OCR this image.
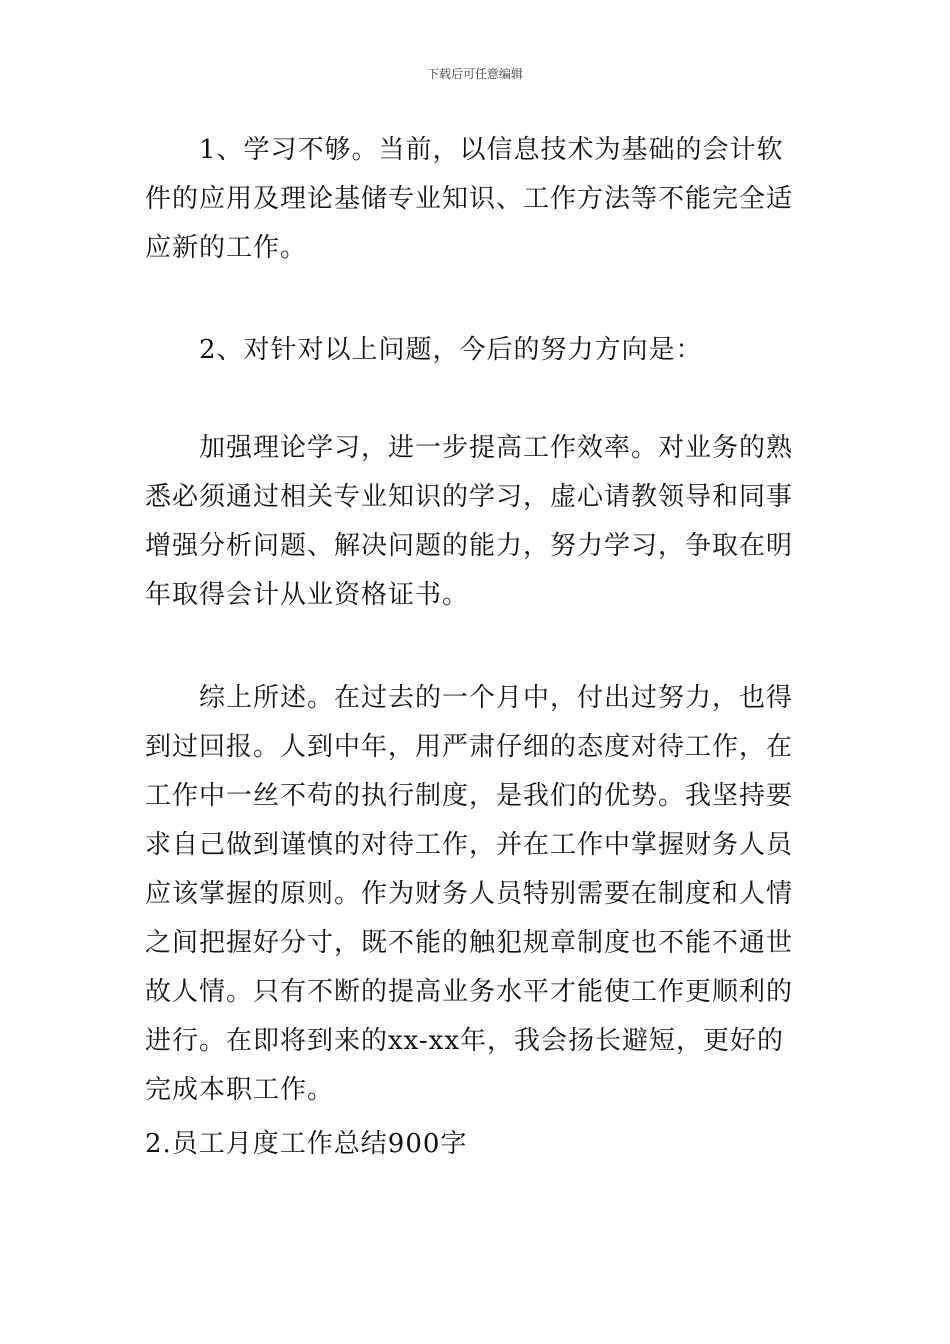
下载后可任意编辑

1、学习不够。当前，以信息技术为基础的会计软件的应用及理论基储专业知识、工作方法等不能完全适应新的工作。

2、对针对以上问题，今后的努力方向是：

加强理论学习，进一步提高工作效率。对业务的熟悉必须通过相关专业知识的学习，虚心请教领导和同事增强分析问题、解决问题的能力，努力学习，争取在明年取得会计从业资格证书。

综上所述。在过去的一个月中，付出过努力，也得到过回报。人到中年，用严肃仔细的态度对待工作，在工作中一丝不苟的执行制度，是我们的优势。我坚持要求自己做到谨慎的对待工作，并在工作中掌握财务人员应该掌握的原则。作为财务人员特别需要在制度和人情之间把握好分寸，既不能的触犯规章制度也不能不通世故人情。只有不断的提高业务水平才能使工作更顺利的进行。在即将到来的xx-xx年，我会扬长避短，更好的完成本职工作。

2.员工月度工作总结900字
